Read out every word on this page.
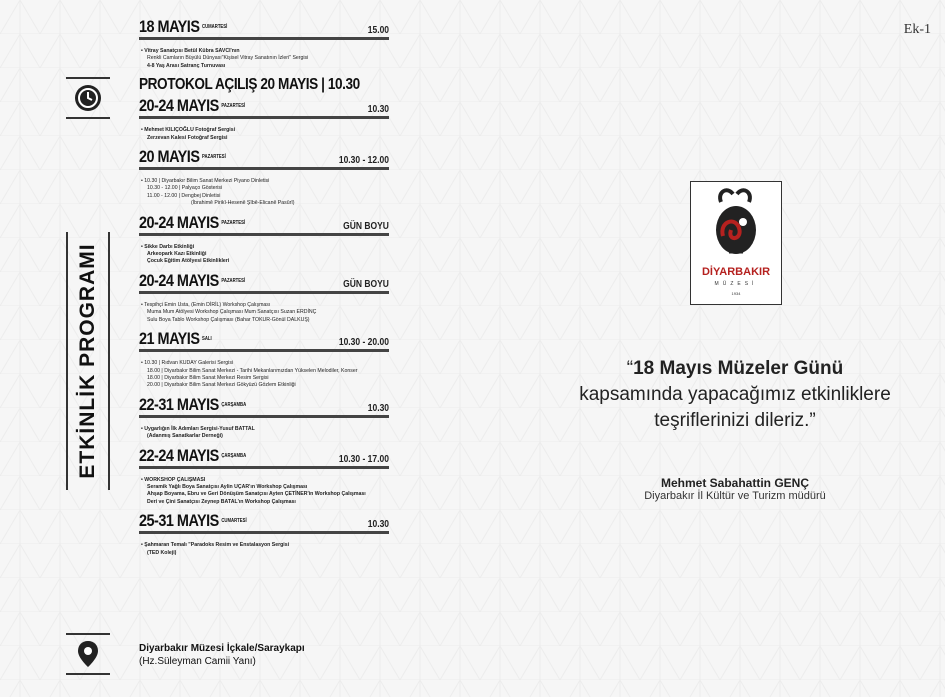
Ek-1
ETKİNLİK PROGRAMI
18 MAYIS $^{CUMARTESİ}$	15.00
• Vitray Sanatçısı Betül Kübra SAVCI'nın
Renkli Camların Büyülü Dünyası"Kişisel Vitray Sanatının İzleri" Sergisi
4-8 Yaş Arası Satranç Turnuvası
PROTOKOL AÇILIŞ 20 MAYIS | 10.30
20-24 MAYIS $^{PAZARTESİ}$	10.30
• Mehmet KILIÇOĞLU Fotoğraf Sergisi
Zerzevan Kalesi Fotoğraf Sergisi
20 MAYIS $^{PAZARTESİ}$	10.30 - 12.00
• 10.30 | Diyarbakır Bilim Sanat Merkezi Piyano Dinletisi
10.30 - 12.00 | Palyaço Gösterisi
11.00 - 12.00 | Dengbej Dinletisi
(İbrahimê Pirikî-Hesenê Şîbê-Elicanê Pasûrî)
20-24 MAYIS $^{PAZARTESİ}$	GÜN BOYU
• Sikke Darbı Etkinliği
Arkeopark Kazı Etkinliği
Çocuk Eğitim Atölyesi Etkinlikleri
20-24 MAYIS $^{PAZARTESİ}$	GÜN BOYU
• Tespihçi Emin Usta, (Emin DİRİL) Workshop Çalışması
Muma Mum Atölyesi Workshop Çalışması Mum Sanatçısı Suzan ERDİNÇ
Sulu Boya Tablo Workshop Çalışması (Bahar TOKUR-Gönül DALKUŞ)
21 MAYIS $^{SALI}$	10.30 - 20.00
• 10.30 | Rıdvan KUDAY Galerisi Sergisi
18.00 | Diyarbakır Bilim Sanat Merkezi - Tarihi Mekanlarımızdan Yükselen Melodiler, Konser
18.00 | Diyarbakır Bilim Sanat Merkezi Resim Sergisi
20.00 | Diyarbakır Bilim Sanat Merkezi Gökyüzü Gözlem Etkinliği
22-31 MAYIS $^{ÇARŞAMBA}$	10.30
• Uygarlığın İlk Adımları Sergisi-Yusuf BATTAL
(Adanmış Sanatkarlar Derneği)
22-24 MAYIS $^{ÇARŞAMBA}$	10.30 - 17.00
• WORKSHOP ÇALIŞMASI
Seramik Yağlı Boya Sanatçısı Aylin UÇAR'ın Workshop Çalışması
Ahşap Boyama, Ebru ve Geri Dönüşüm Sanatçısı Ayten ÇETİNER'in Workshop Çalışması
Deri ve Çini Sanatçısı Zeynep BATAL'ın Workshop Çalışması
25-31 MAYIS $^{CUMARTESİ}$	10.30
• Şahmaran Temalı "Paradoks Resim ve Enstalasyon Sergisi
(TED Koleji)
Diyarbakır Müzesi İçkale/Saraykapı
(Hz.Süleyman Camii Yanı)
DİYARBAKIR
MÜZESİ
1934
“18 Mayıs Müzeler Günü
kapsamında yapacağımız etkinliklere
teşriflerinizi dileriz.”
Mehmet Sabahattin GENÇ
Diyarbakır İl Kültür ve Turizm müdürü
